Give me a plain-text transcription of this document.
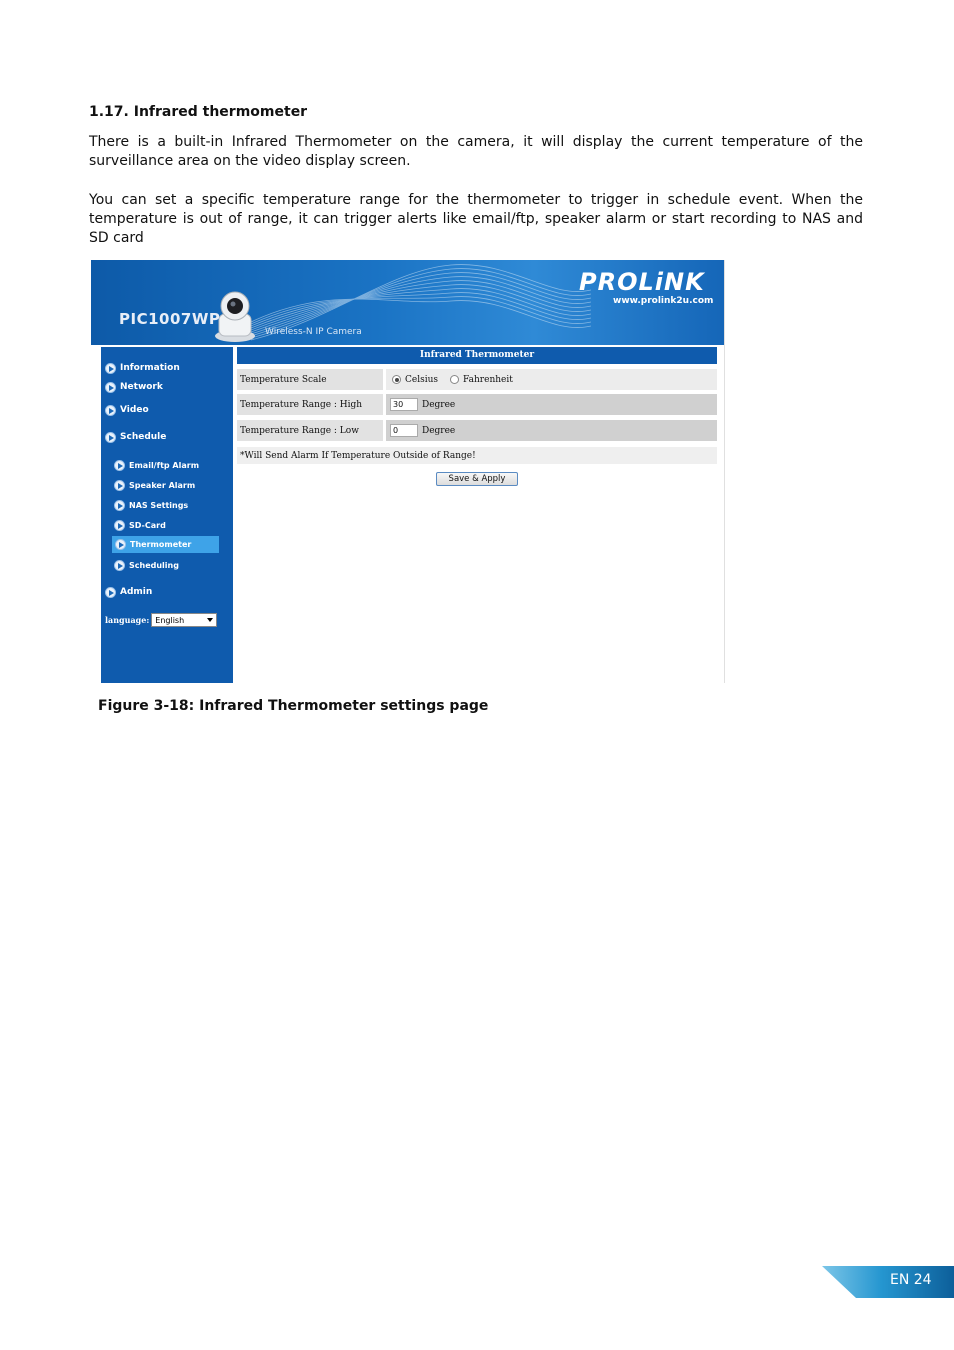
1.17. Infrared thermometer
There is a built-in Infrared Thermometer on the camera, it will display the current temperature of the surveillance area on the video display screen.
You can set a specific temperature range for the thermometer to trigger in schedule event. When the temperature is out of range, it can trigger alerts like email/ftp, speaker alarm or start recording to NAS and SD card
PIC1007WP
Wireless-N IP Camera
PROLiNK
www.prolink2u.com
Information
Network
Video
Schedule
Email/ftp Alarm
Speaker Alarm
NAS Settings
SD-Card
Thermometer
Scheduling
Admin
language: English
Infrared Thermometer
Temperature Scale	Celsius	Fahrenheit
Temperature Range : High	30	Degree
Temperature Range : Low	0	Degree
*Will Send Alarm If Temperature Outside of Range!
Save & Apply
Figure 3-18: Infrared Thermometer settings page
EN 24
